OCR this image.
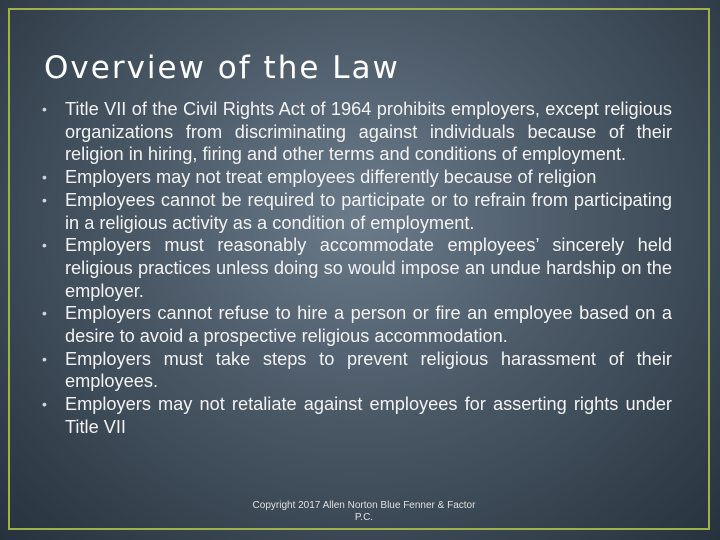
Overview of the Law
• Title VII of the Civil Rights Act of 1964 prohibits employers, except religious organizations from discriminating against individuals because of their religion in hiring, firing and other terms and conditions of employment.
• Employers may not treat employees differently because of religion
• Employees cannot be required to participate or to refrain from participating in a religious activity as a condition of employment.
• Employers must reasonably accommodate employees’ sincerely held religious practices unless doing so would impose an undue hardship on the employer.
• Employers cannot refuse to hire a person or fire an employee based on a desire to avoid a prospective religious accommodation.
• Employers must take steps to prevent religious harassment of their employees.
• Employers may not retaliate against employees for asserting rights under Title VII
Copyright 2017 Allen Norton Blue Fenner & Factor P.C.
